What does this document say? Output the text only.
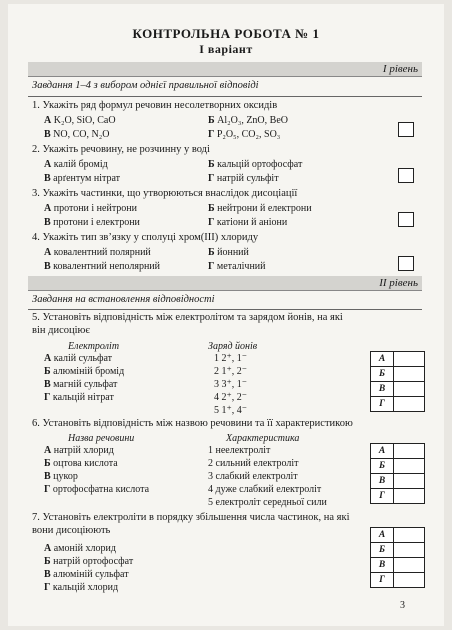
КОНТРОЛЬНА РОБОТА № 1
I варіант
I рівень
Завдання 1–4 з вибором однієї правильної відповіді
1. Укажіть ряд формул речовин несолетворних оксидів
А K₂O, SiO, CaO	Б Al₂O₃, ZnO, BeO
В NO, CO, N₂O	Г P₂O₅, CO₂, SO₃
2. Укажіть речовину, не розчинну у воді
А калій бромід	Б кальцій ортофосфат
В арґентум нітрат	Г натрій сульфіт
3. Укажіть частинки, що утворюються внаслідок дисоціації
А протони і нейтрони	Б нейтрони й електрони
В протони і електрони	Г катіони й аніони
4. Укажіть тип зв’язку у сполуці хром(III) хлориду
А ковалентний полярний	Б йонний
В ковалентний неполярний	Г металічний
II рівень
Завдання на встановлення відповідності
5. Установіть відповідність між електролітом та зарядом йонів, на які
він дисоціює
Електроліт	Заряд йонів
А калій сульфат
Б алюміній бромід
В магній сульфат
Г кальцій нітрат
1 2⁺, 1⁻
2 1⁺, 2⁻
3 3⁺, 1⁻
4 2⁺, 2⁻
5 1⁺, 4⁻
А	
Б	
В	
Г	
6. Установіть відповідність між назвою речовини та її характеристикою
Назва речовини	Характеристика
А натрій хлорид
Б оцтова кислота
В цукор
Г ортофосфатна кислота
1 неелектроліт
2 сильний електроліт
3 слабкий електроліт
4 дуже слабкий електроліт
5 електроліт середньої сили
А	
Б	
В	
Г	
7. Установіть електроліти в порядку збільшення числа частинок, на які
вони дисоціюють
А амоній хлорид
Б натрій ортофосфат
В алюміній сульфат
Г кальцій хлорид
А	
Б	
В	
Г	
3
